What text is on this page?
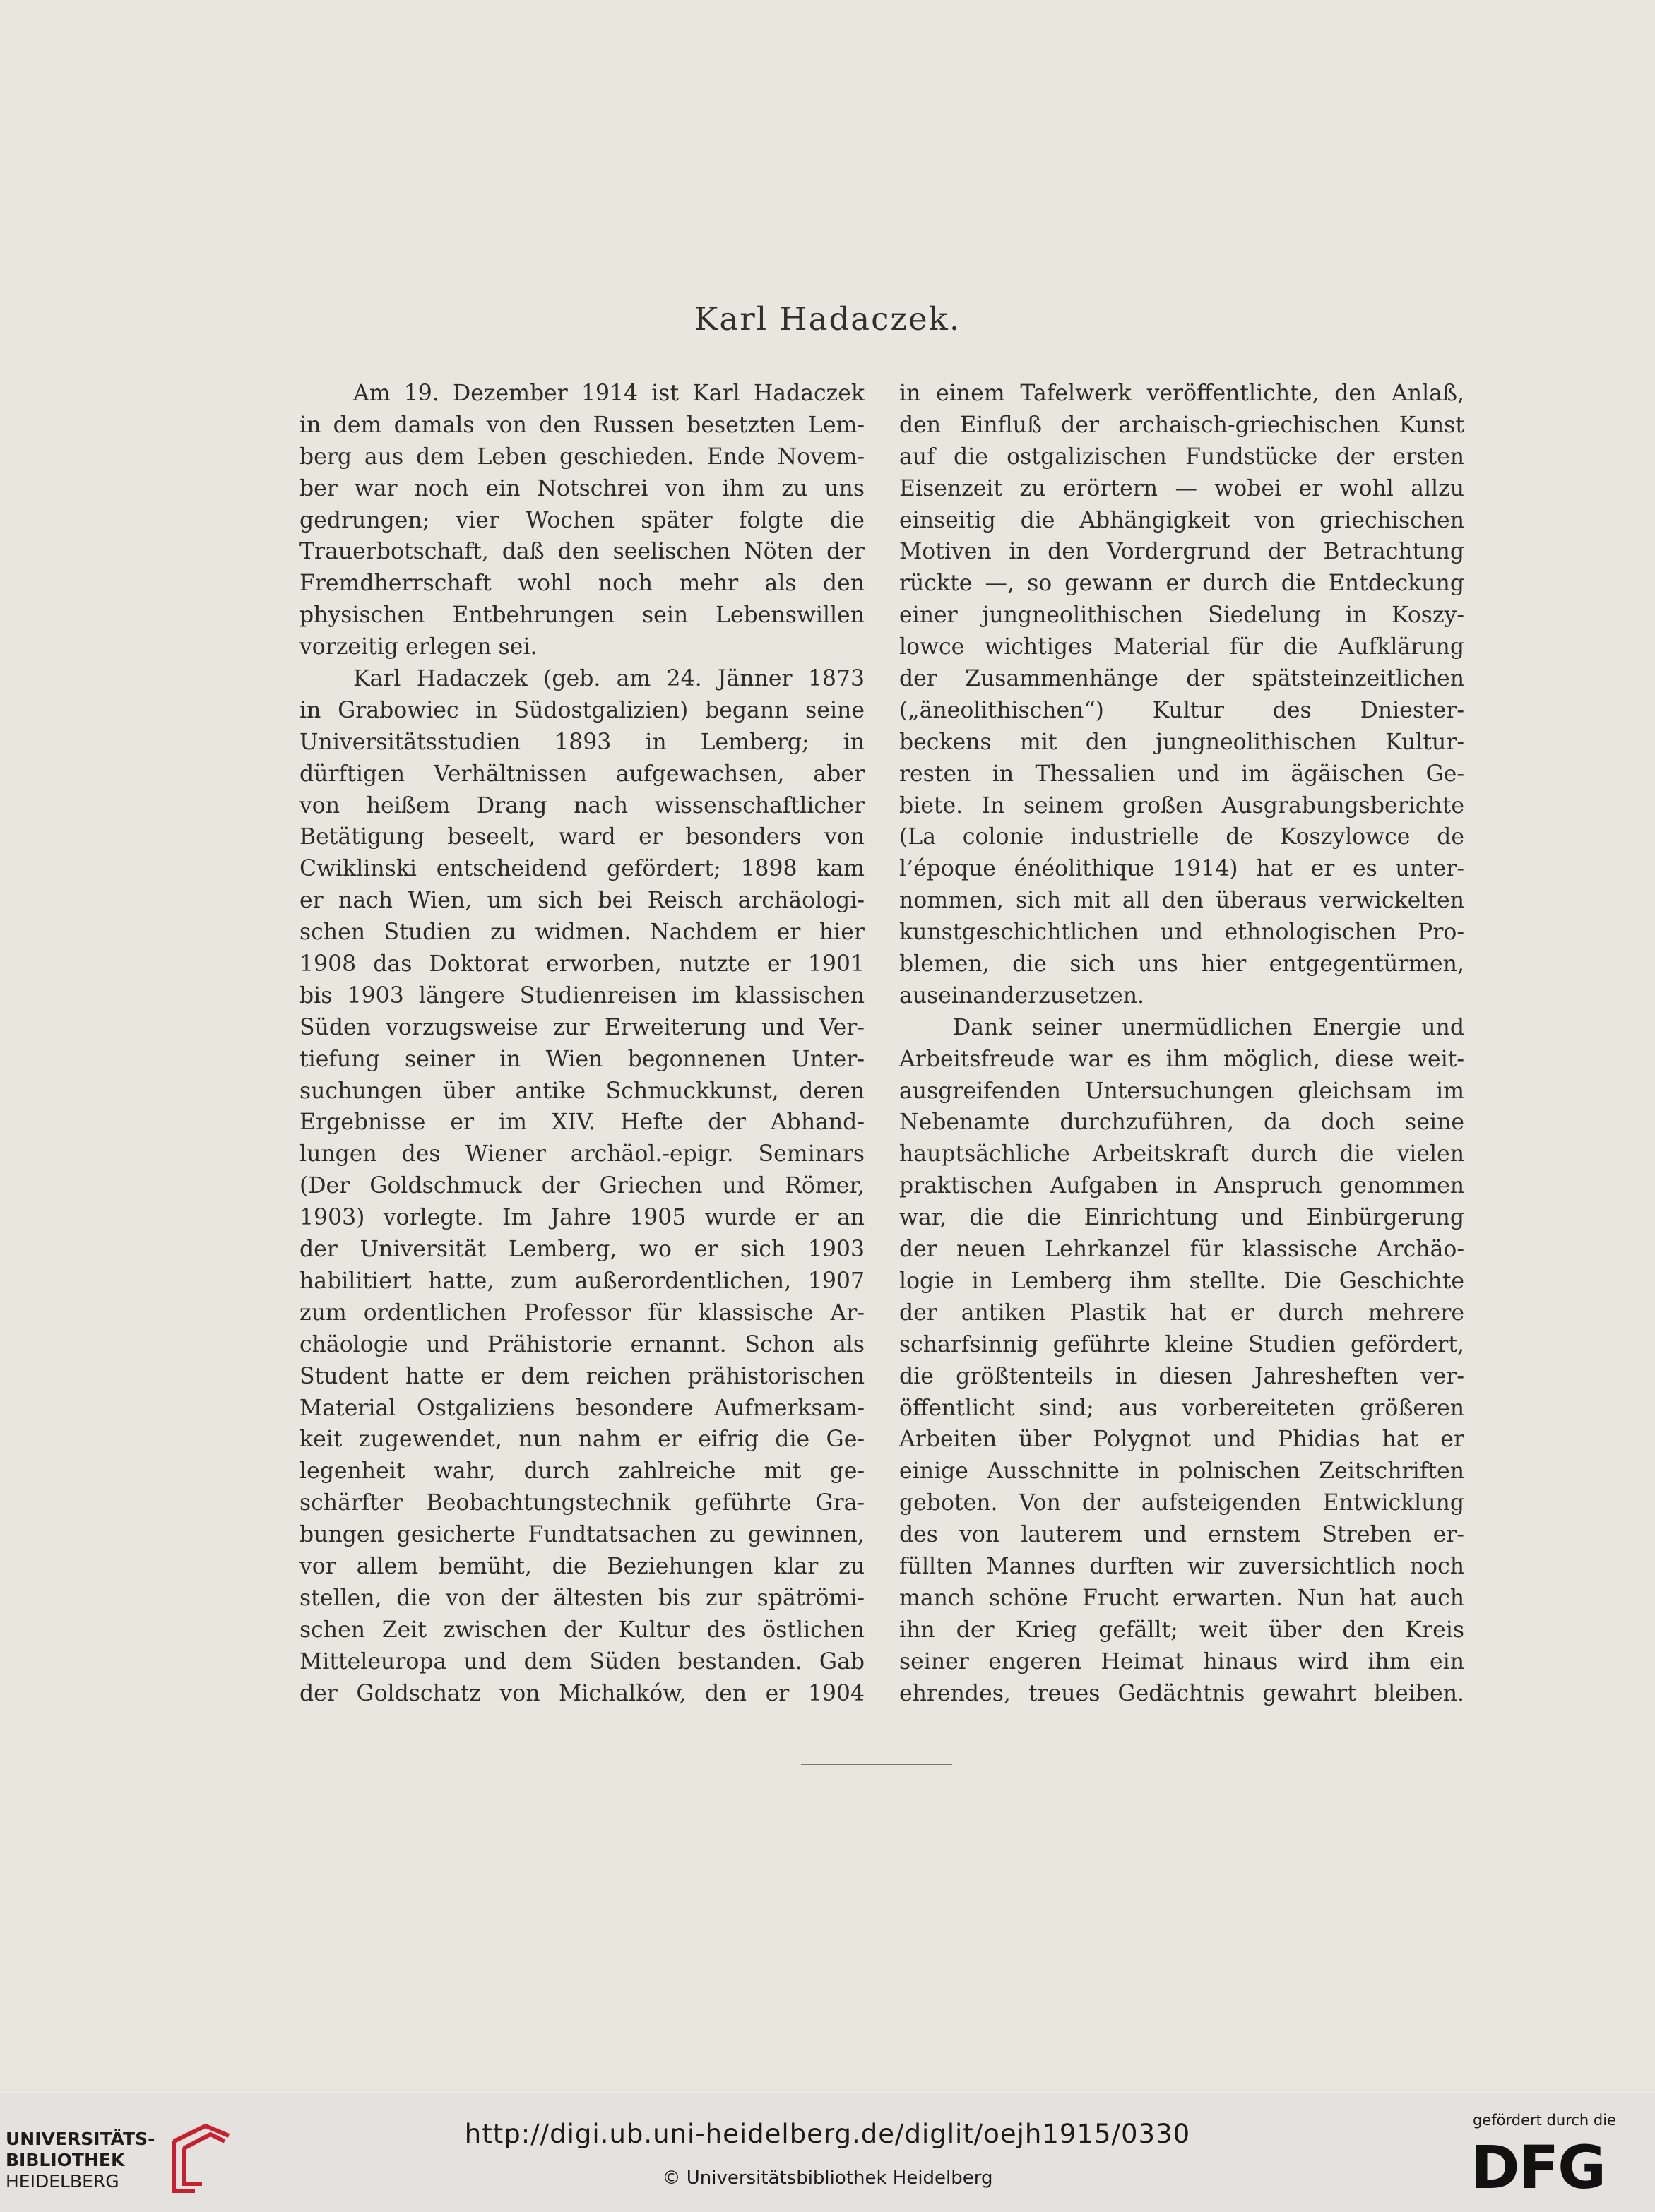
Karl Hadaczek.
Am 19. Dezember 1914 ist Karl Hadaczek
in dem damals von den Russen besetzten Lem-
berg aus dem Leben geschieden. Ende Novem-
ber war noch ein Notschrei von ihm zu uns
gedrungen; vier Wochen später folgte die
Trauerbotschaft, daß den seelischen Nöten der
Fremdherrschaft wohl noch mehr als den
physischen Entbehrungen sein Lebenswillen
vorzeitig erlegen sei.
Karl Hadaczek (geb. am 24. Jänner 1873
in Grabowiec in Südostgalizien) begann seine
Universitätsstudien 1893 in Lemberg; in
dürftigen Verhältnissen aufgewachsen, aber
von heißem Drang nach wissenschaftlicher
Betätigung beseelt, ward er besonders von
Cwiklinski entscheidend gefördert; 1898 kam
er nach Wien, um sich bei Reisch archäologi-
schen Studien zu widmen. Nachdem er hier
1908 das Doktorat erworben, nutzte er 1901
bis 1903 längere Studienreisen im klassischen
Süden vorzugsweise zur Erweiterung und Ver-
tiefung seiner in Wien begonnenen Unter-
suchungen über antike Schmuckkunst, deren
Ergebnisse er im XIV. Hefte der Abhand-
lungen des Wiener archäol.-epigr. Seminars
(Der Goldschmuck der Griechen und Römer,
1903) vorlegte. Im Jahre 1905 wurde er an
der Universität Lemberg, wo er sich 1903
habilitiert hatte, zum außerordentlichen, 1907
zum ordentlichen Professor für klassische Ar-
chäologie und Prähistorie ernannt. Schon als
Student hatte er dem reichen prähistorischen
Material Ostgaliziens besondere Aufmerksam-
keit zugewendet, nun nahm er eifrig die Ge-
legenheit wahr, durch zahlreiche mit ge-
schärfter Beobachtungstechnik geführte Gra-
bungen gesicherte Fundtatsachen zu gewinnen,
vor allem bemüht, die Beziehungen klar zu
stellen, die von der ältesten bis zur spätrömi-
schen Zeit zwischen der Kultur des östlichen
Mitteleuropa und dem Süden bestanden. Gab
der Goldschatz von Michalków, den er 1904
in einem Tafelwerk veröffentlichte, den Anlaß,
den Einfluß der archaisch-griechischen Kunst
auf die ostgalizischen Fundstücke der ersten
Eisenzeit zu erörtern — wobei er wohl allzu
einseitig die Abhängigkeit von griechischen
Motiven in den Vordergrund der Betrachtung
rückte —, so gewann er durch die Entdeckung
einer jungneolithischen Siedelung in Koszy-
lowce wichtiges Material für die Aufklärung
der Zusammenhänge der spätsteinzeitlichen
(„äneolithischen“) Kultur des Dniester-
beckens mit den jungneolithischen Kultur-
resten in Thessalien und im ägäischen Ge-
biete. In seinem großen Ausgrabungsberichte
(La colonie industrielle de Koszylowce de
l’époque énéolithique 1914) hat er es unter-
nommen, sich mit all den überaus verwickelten
kunstgeschichtlichen und ethnologischen Pro-
blemen, die sich uns hier entgegentürmen,
auseinanderzusetzen.
Dank seiner unermüdlichen Energie und
Arbeitsfreude war es ihm möglich, diese weit-
ausgreifenden Untersuchungen gleichsam im
Nebenamte durchzuführen, da doch seine
hauptsächliche Arbeitskraft durch die vielen
praktischen Aufgaben in Anspruch genommen
war, die die Einrichtung und Einbürgerung
der neuen Lehrkanzel für klassische Archäo-
logie in Lemberg ihm stellte. Die Geschichte
der antiken Plastik hat er durch mehrere
scharfsinnig geführte kleine Studien gefördert,
die größtenteils in diesen Jahresheften ver-
öffentlicht sind; aus vorbereiteten größeren
Arbeiten über Polygnot und Phidias hat er
einige Ausschnitte in polnischen Zeitschriften
geboten. Von der aufsteigenden Entwicklung
des von lauterem und ernstem Streben er-
füllten Mannes durften wir zuversichtlich noch
manch schöne Frucht erwarten. Nun hat auch
ihn der Krieg gefällt; weit über den Kreis
seiner engeren Heimat hinaus wird ihm ein
ehrendes, treues Gedächtnis gewahrt bleiben.
UNIVERSITÄTS-
BIBLIOTHEK
HEIDELBERG
http://digi.ub.uni-heidelberg.de/diglit/oejh1915/0330
© Universitätsbibliothek Heidelberg
gefördert durch die
DFG
